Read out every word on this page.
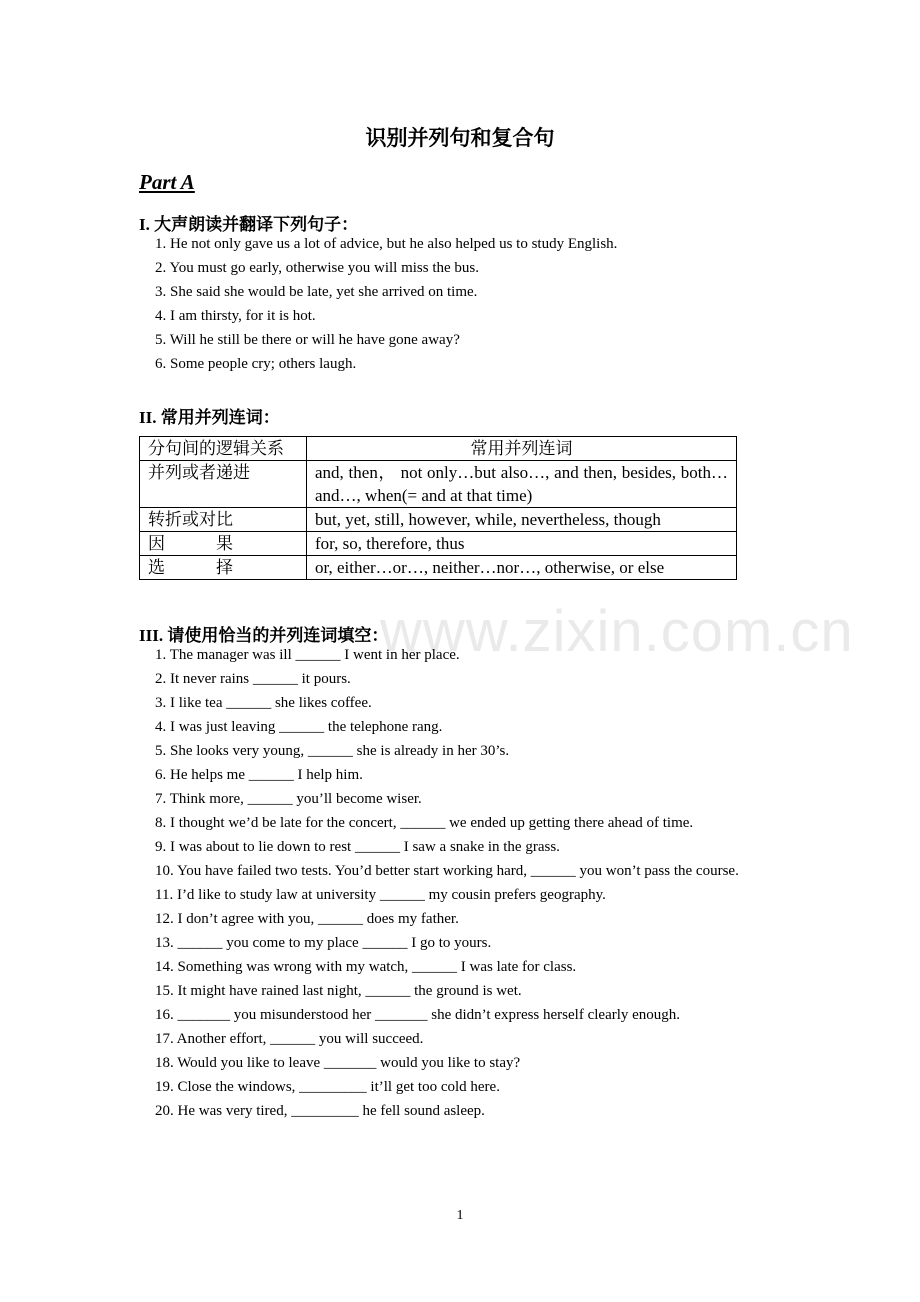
识别并列句和复合句
Part A
I. 大声朗读并翻译下列句子：
1. He not only gave us a lot of advice, but he also helped us to study English.
2. You must go early, otherwise you will miss the bus.
3. She said she would be late, yet she arrived on time.
4. I am thirsty, for it is hot.
5. Will he still be there or will he have gone away?
6. Some people cry; others laugh.
II. 常用并列连词：
分句间的逻辑关系	常用并列连词
并列或者递进	and, then， not only…but also…, and then, besides, both…and…, when(= and at that time)
转折或对比	but, yet, still, however, while, nevertheless, though
因　　　果	for, so, therefore, thus
选　　　择	or, either…or…, neither…nor…, otherwise, or else
www.zixin.com.cn
III. 请使用恰当的并列连词填空：
1. The manager was ill ______ I went in her place.
2. It never rains ______ it pours.
3. I like tea ______ she likes coffee.
4. I was just leaving ______ the telephone rang.
5. She looks very young, ______ she is already in her 30’s.
6. He helps me ______ I help him.
7. Think more, ______ you’ll become wiser.
8. I thought we’d be late for the concert, ______ we ended up getting there ahead of time.
9. I was about to lie down to rest ______ I saw a snake in the grass.
10. You have failed two tests. You’d better start working hard, ______ you won’t pass the course.
11. I’d like to study law at university ______ my cousin prefers geography.
12. I don’t agree with you, ______ does my father.
13. ______ you come to my place ______ I go to yours.
14. Something was wrong with my watch, ______ I was late for class.
15. It might have rained last night, ______ the ground is wet.
16. _______ you misunderstood her _______ she didn’t express herself clearly enough.
17. Another effort, ______ you will succeed.
18. Would you like to leave _______ would you like to stay?
19. Close the windows, _________ it’ll get too cold here.
20. He was very tired, _________ he fell sound asleep.
1
